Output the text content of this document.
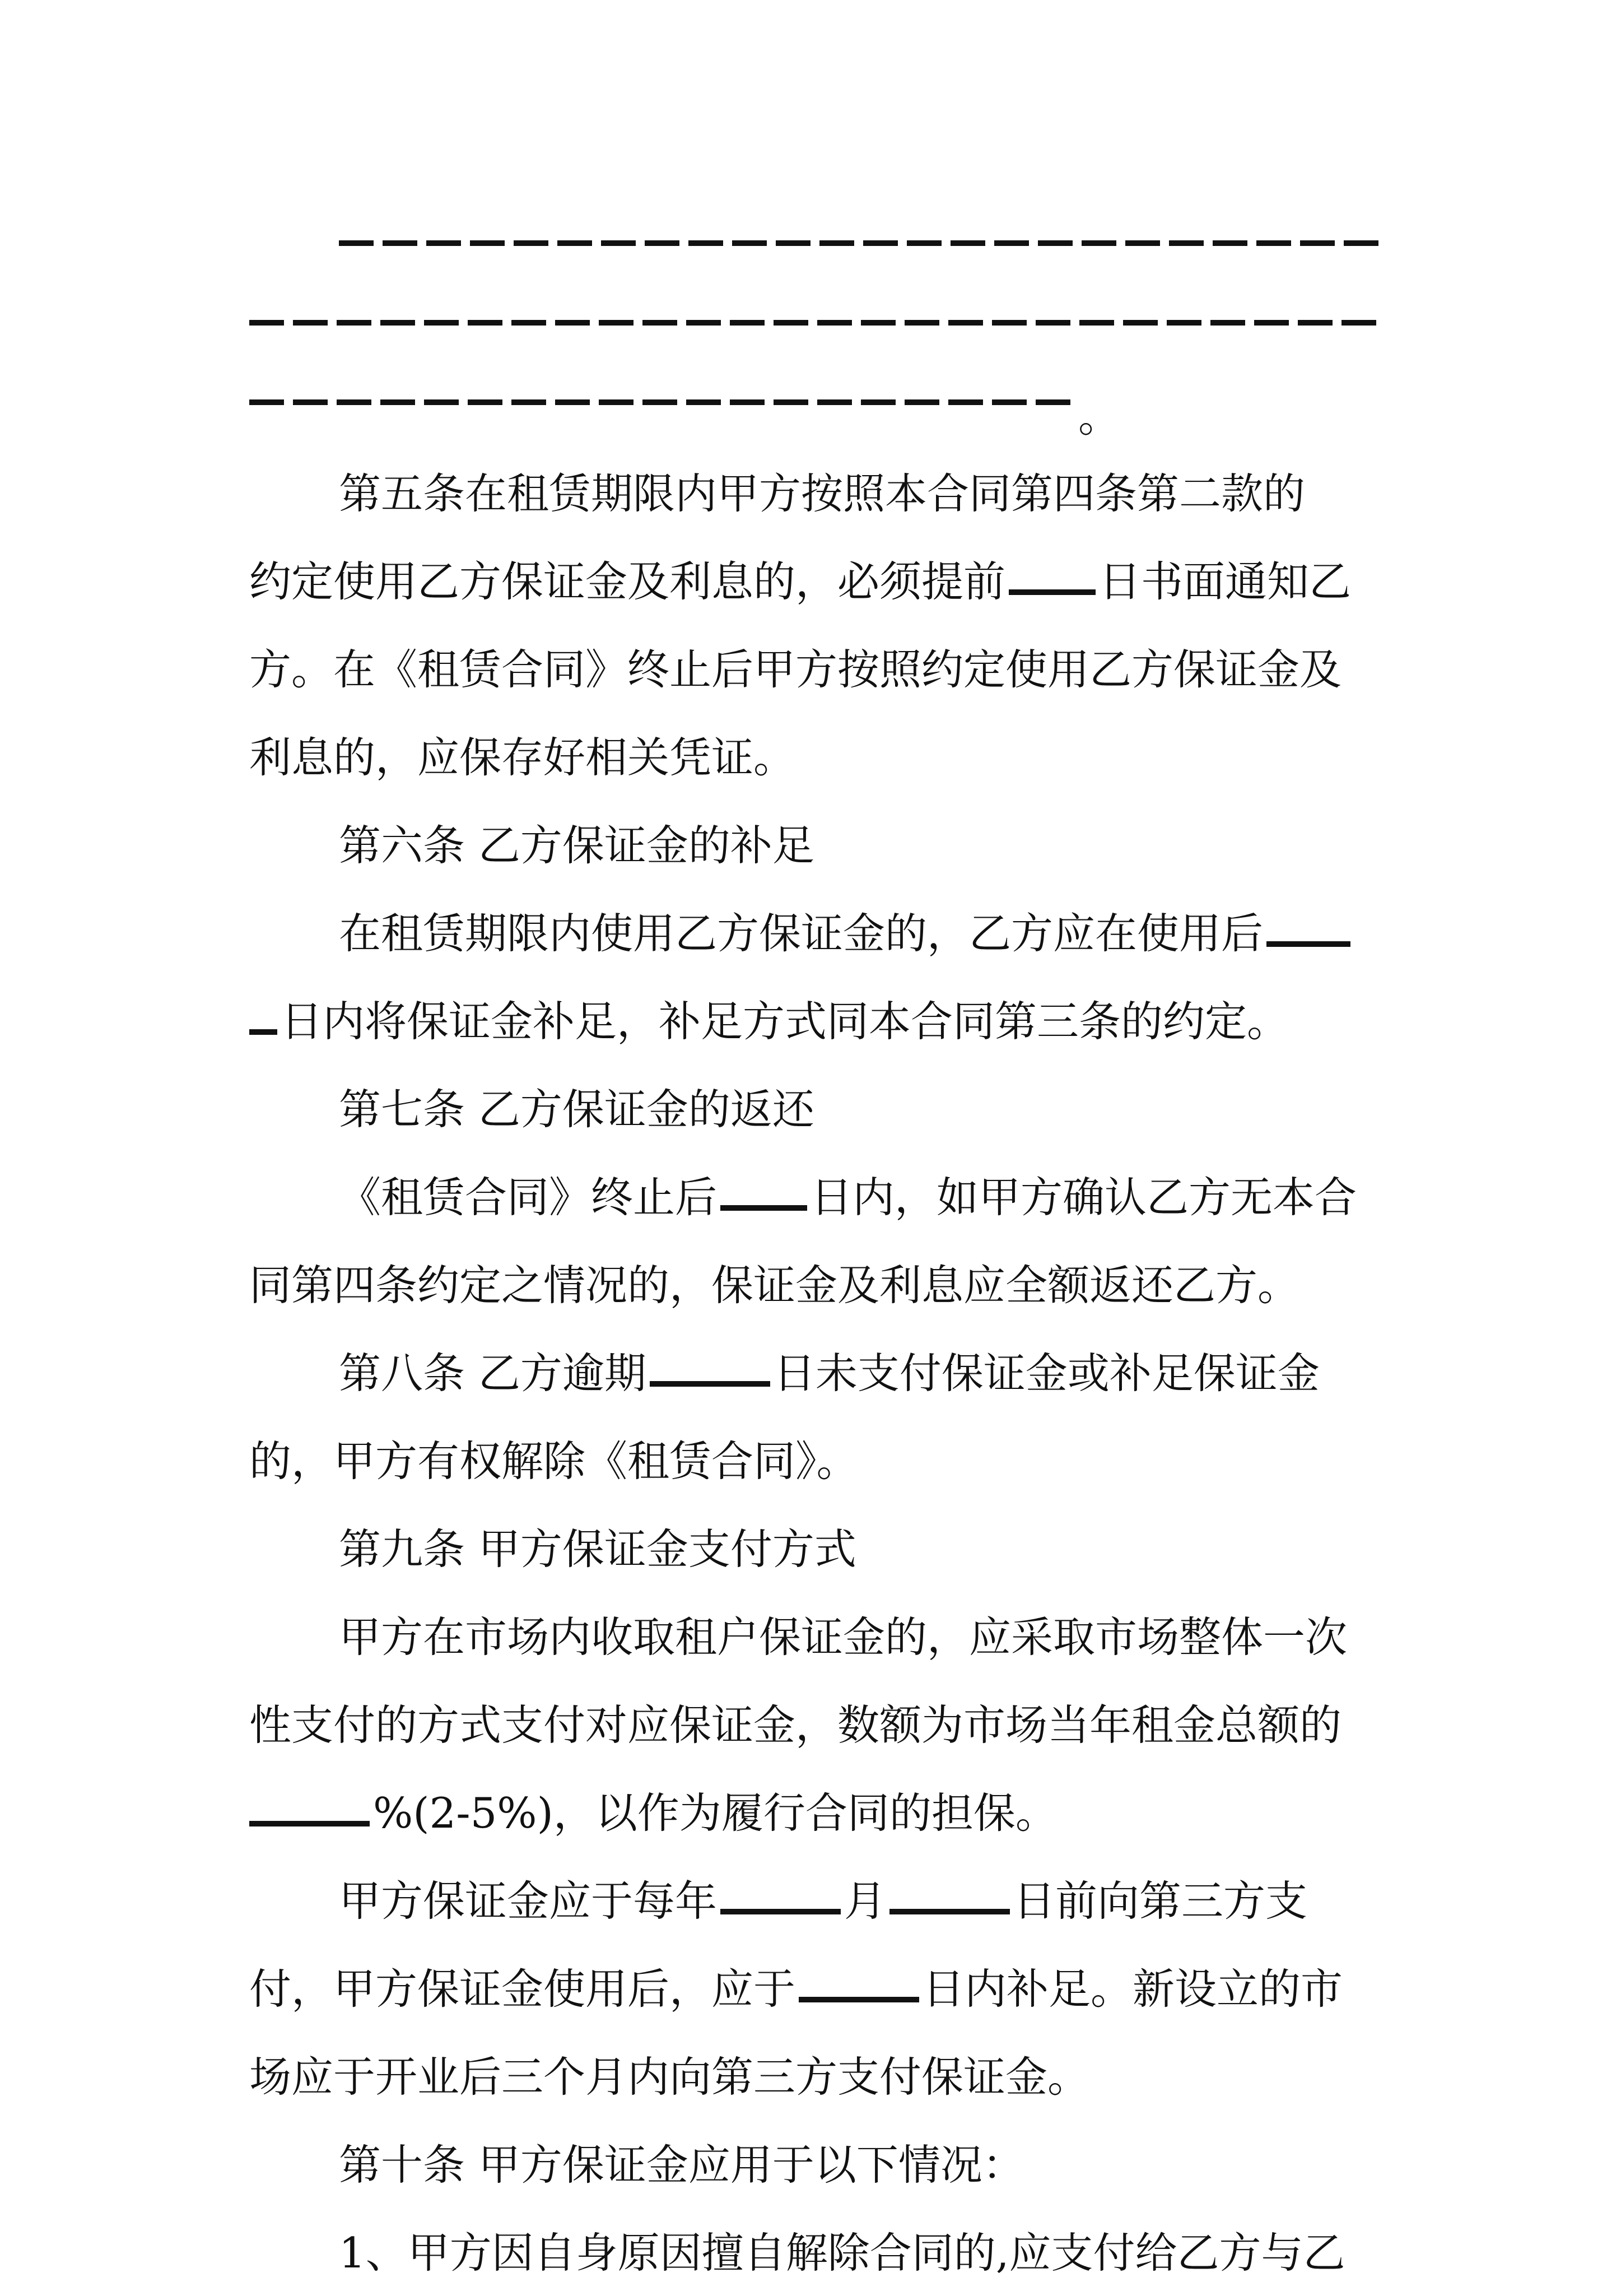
。
第五条在租赁期限内甲方按照本合同第四条第二款的
约定使用乙方保证金及利息的，必须提前 日书面通知乙
方。在《租赁合同》终止后甲方按照约定使用乙方保证金及
利息的，应保存好相关凭证。
第六条 乙方保证金的补足
在租赁期限内使用乙方保证金的，乙方应在使用后
日内将保证金补足，补足方式同本合同第三条的约定。
第七条 乙方保证金的返还
《租赁合同》终止后 日内，如甲方确认乙方无本合
同第四条约定之情况的，保证金及利息应全额返还乙方。
第八条 乙方逾期	日未支付保证金或补足保证金
的，甲方有权解除《租赁合同》。
第九条 甲方保证金支付方式
甲方在市场内收取租户保证金的，应采取市场整体一次
性支付的方式支付对应保证金，数额为市场当年租金总额的
%(2-5%)，以作为履行合同的担保。
甲方保证金应于每年	月	日前向第三方支
付，甲方保证金使用后，应于	日内补足。新设立的市
场应于开业后三个月内向第三方支付保证金。
第十条 甲方保证金应用于以下情况：
1、甲方因自身原因擅自解除合同的,应支付给乙方与乙
